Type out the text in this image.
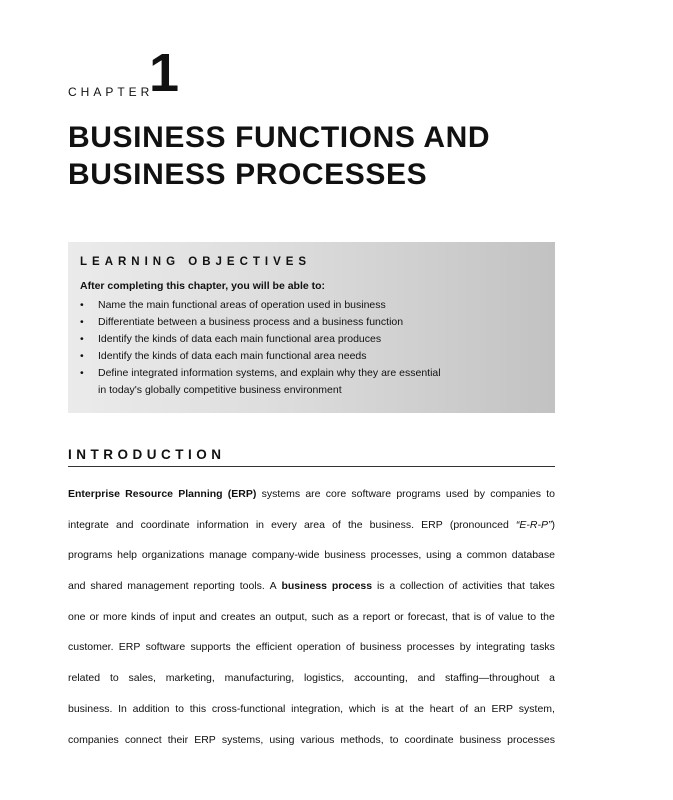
CHAPTER
1
BUSINESS FUNCTIONS AND
BUSINESS PROCESSES
LEARNING OBJECTIVES
After completing this chapter, you will be able to:
• Name the main functional areas of operation used in business
• Differentiate between a business process and a business function
• Identify the kinds of data each main functional area produces
• Identify the kinds of data each main functional area needs
• Define integrated information systems, and explain why they are essential
in today's globally competitive business environment
INTRODUCTION
Enterprise Resource Planning (ERP) systems are core software programs used by companies to
integrate and coordinate information in every area of the business. ERP (pronounced “E-R-P”)
programs help organizations manage company-wide business processes, using a common database
and shared management reporting tools. A business process is a collection of activities that takes
one or more kinds of input and creates an output, such as a report or forecast, that is of value to the
customer. ERP software supports the efficient operation of business processes by integrating tasks
related to sales, marketing, manufacturing, logistics, accounting, and staffing—throughout a
business. In addition to this cross-functional integration, which is at the heart of an ERP system,
companies connect their ERP systems, using various methods, to coordinate business processes
